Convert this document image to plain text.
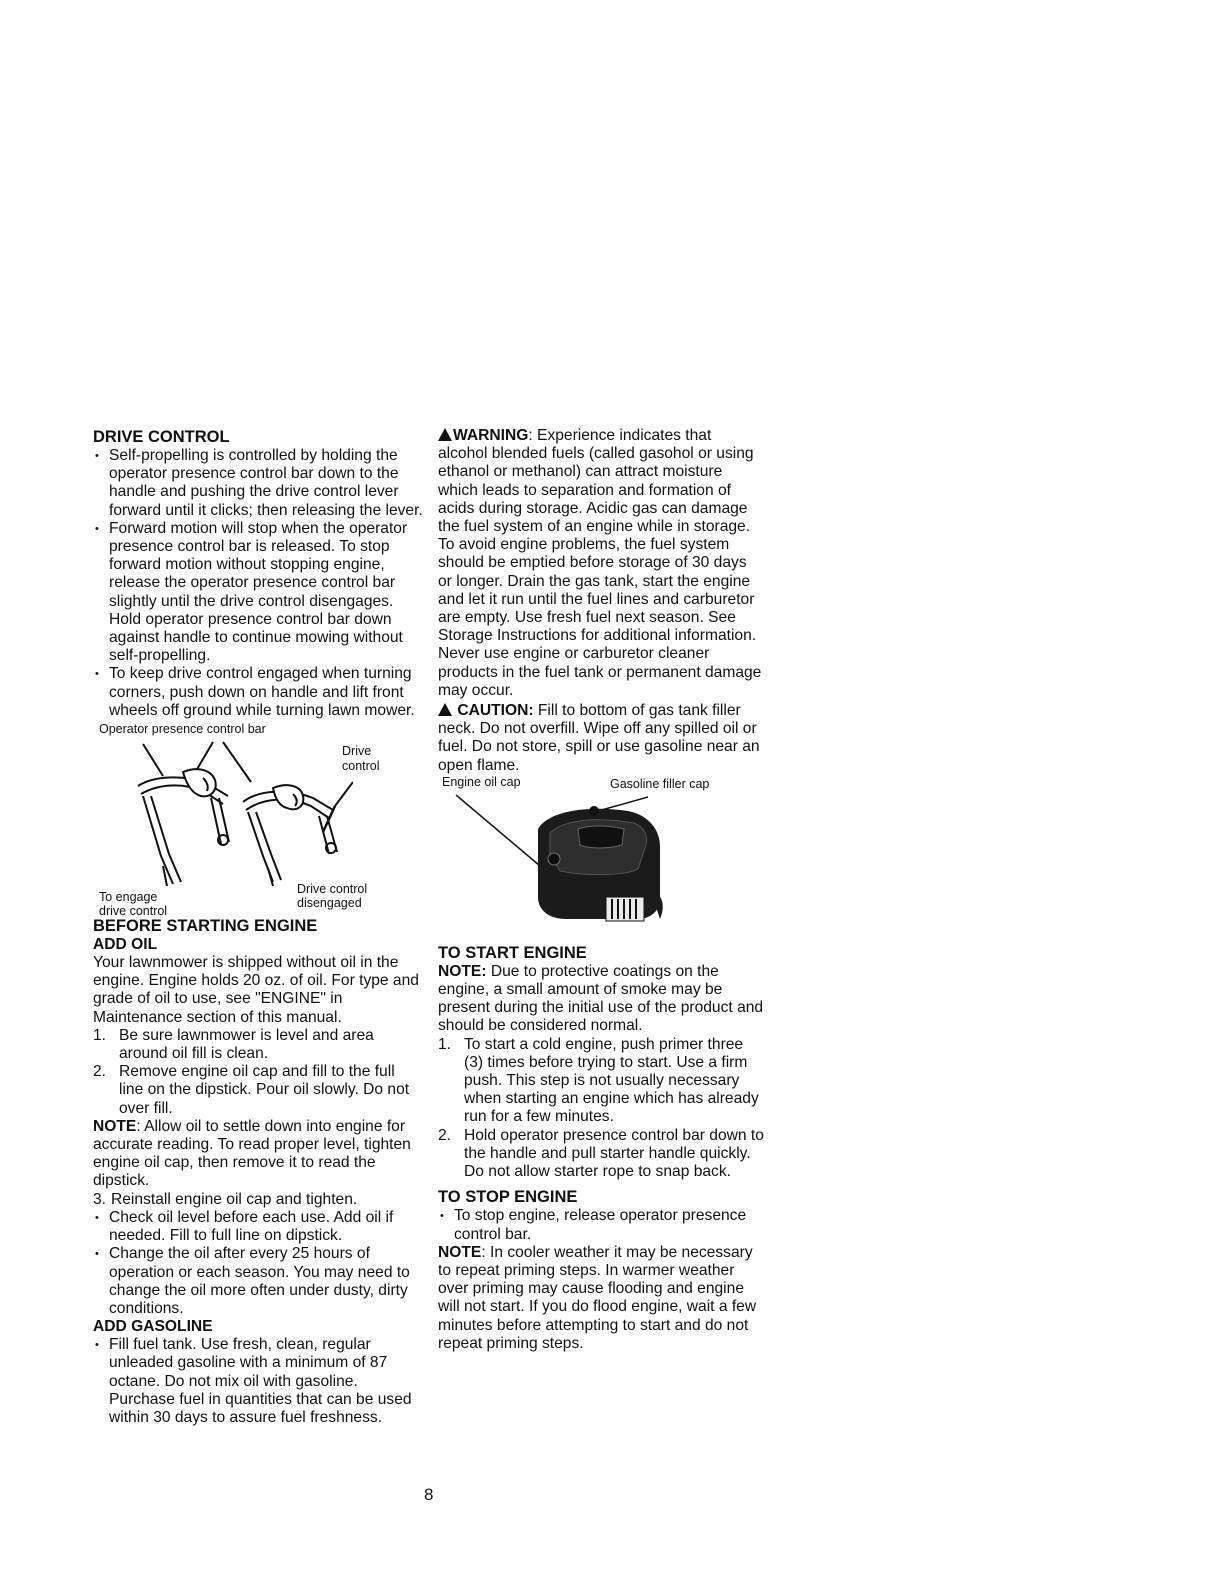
DRIVE CONTROL
• Self-propelling is controlled by holding the operator presence control bar down to the handle and pushing the drive control lever forward until it clicks; then releasing the lever.
• Forward motion will stop when the operator presence control bar is released. To stop forward motion without stopping engine, release the operator presence control bar slightly until the drive control disengages. Hold operator presence control bar down against handle to continue mowing without self-propelling.
• To keep drive control engaged when turning corners, push down on handle and lift front wheels off ground while turning lawn mower.
Operator presence control bar
Drive
control
To engage
drive control
Drive control
disengaged
BEFORE STARTING ENGINE
ADD OIL

Your lawnmower is shipped without oil in the engine. Engine holds 20 oz. of oil. For type and grade of oil to use, see "ENGINE" in Maintenance section of this manual.

1. Be sure lawnmower is level and area around oil fill is clean.
2. Remove engine oil cap and fill to the full line on the dipstick. Pour oil slowly. Do not over fill.

NOTE: Allow oil to settle down into engine for accurate reading. To read proper level, tighten engine oil cap, then remove it to read the dipstick.

3. Reinstall engine oil cap and tighten.
• Check oil level before each use. Add oil if needed. Fill to full line on dipstick.
• Change the oil after every 25 hours of operation or each season. You may need to change the oil more often under dusty, dirty conditions.
ADD GASOLINE
• Fill fuel tank. Use fresh, clean, regular unleaded gasoline with a minimum of 87 octane. Do not mix oil with gasoline. Purchase fuel in quantities that can be used within 30 days to assure fuel freshness.

WARNING: Experience indicates that alcohol blended fuels (called gasohol or using ethanol or methanol) can attract moisture which leads to separation and formation of acids during storage. Acidic gas can damage the fuel system of an engine while in storage. To avoid engine problems, the fuel system should be emptied before storage of 30 days or longer. Drain the gas tank, start the engine and let it run until the fuel lines and carburetor are empty. Use fresh fuel next season. See Storage Instructions for additional information. Never use engine or carburetor cleaner products in the fuel tank or permanent damage may occur.

CAUTION: Fill to bottom of gas tank filler neck. Do not overfill. Wipe off any spilled oil or fuel. Do not store, spill or use gasoline near an open flame.

Engine oil cap	Gasoline filler cap
TO START ENGINE

NOTE: Due to protective coatings on the engine, a small amount of smoke may be present during the initial use of the product and should be considered normal.

1. To start a cold engine, push primer three (3) times before trying to start. Use a firm push. This step is not usually necessary when starting an engine which has already run for a few minutes.
2. Hold operator presence control bar down to the handle and pull starter handle quickly. Do not allow starter rope to snap back.
TO STOP ENGINE
• To stop engine, release operator presence control bar.

NOTE: In cooler weather it may be necessary to repeat priming steps. In warmer weather over priming may cause flooding and engine will not start. If you do flood engine, wait a few minutes before attempting to start and do not repeat priming steps.

8
